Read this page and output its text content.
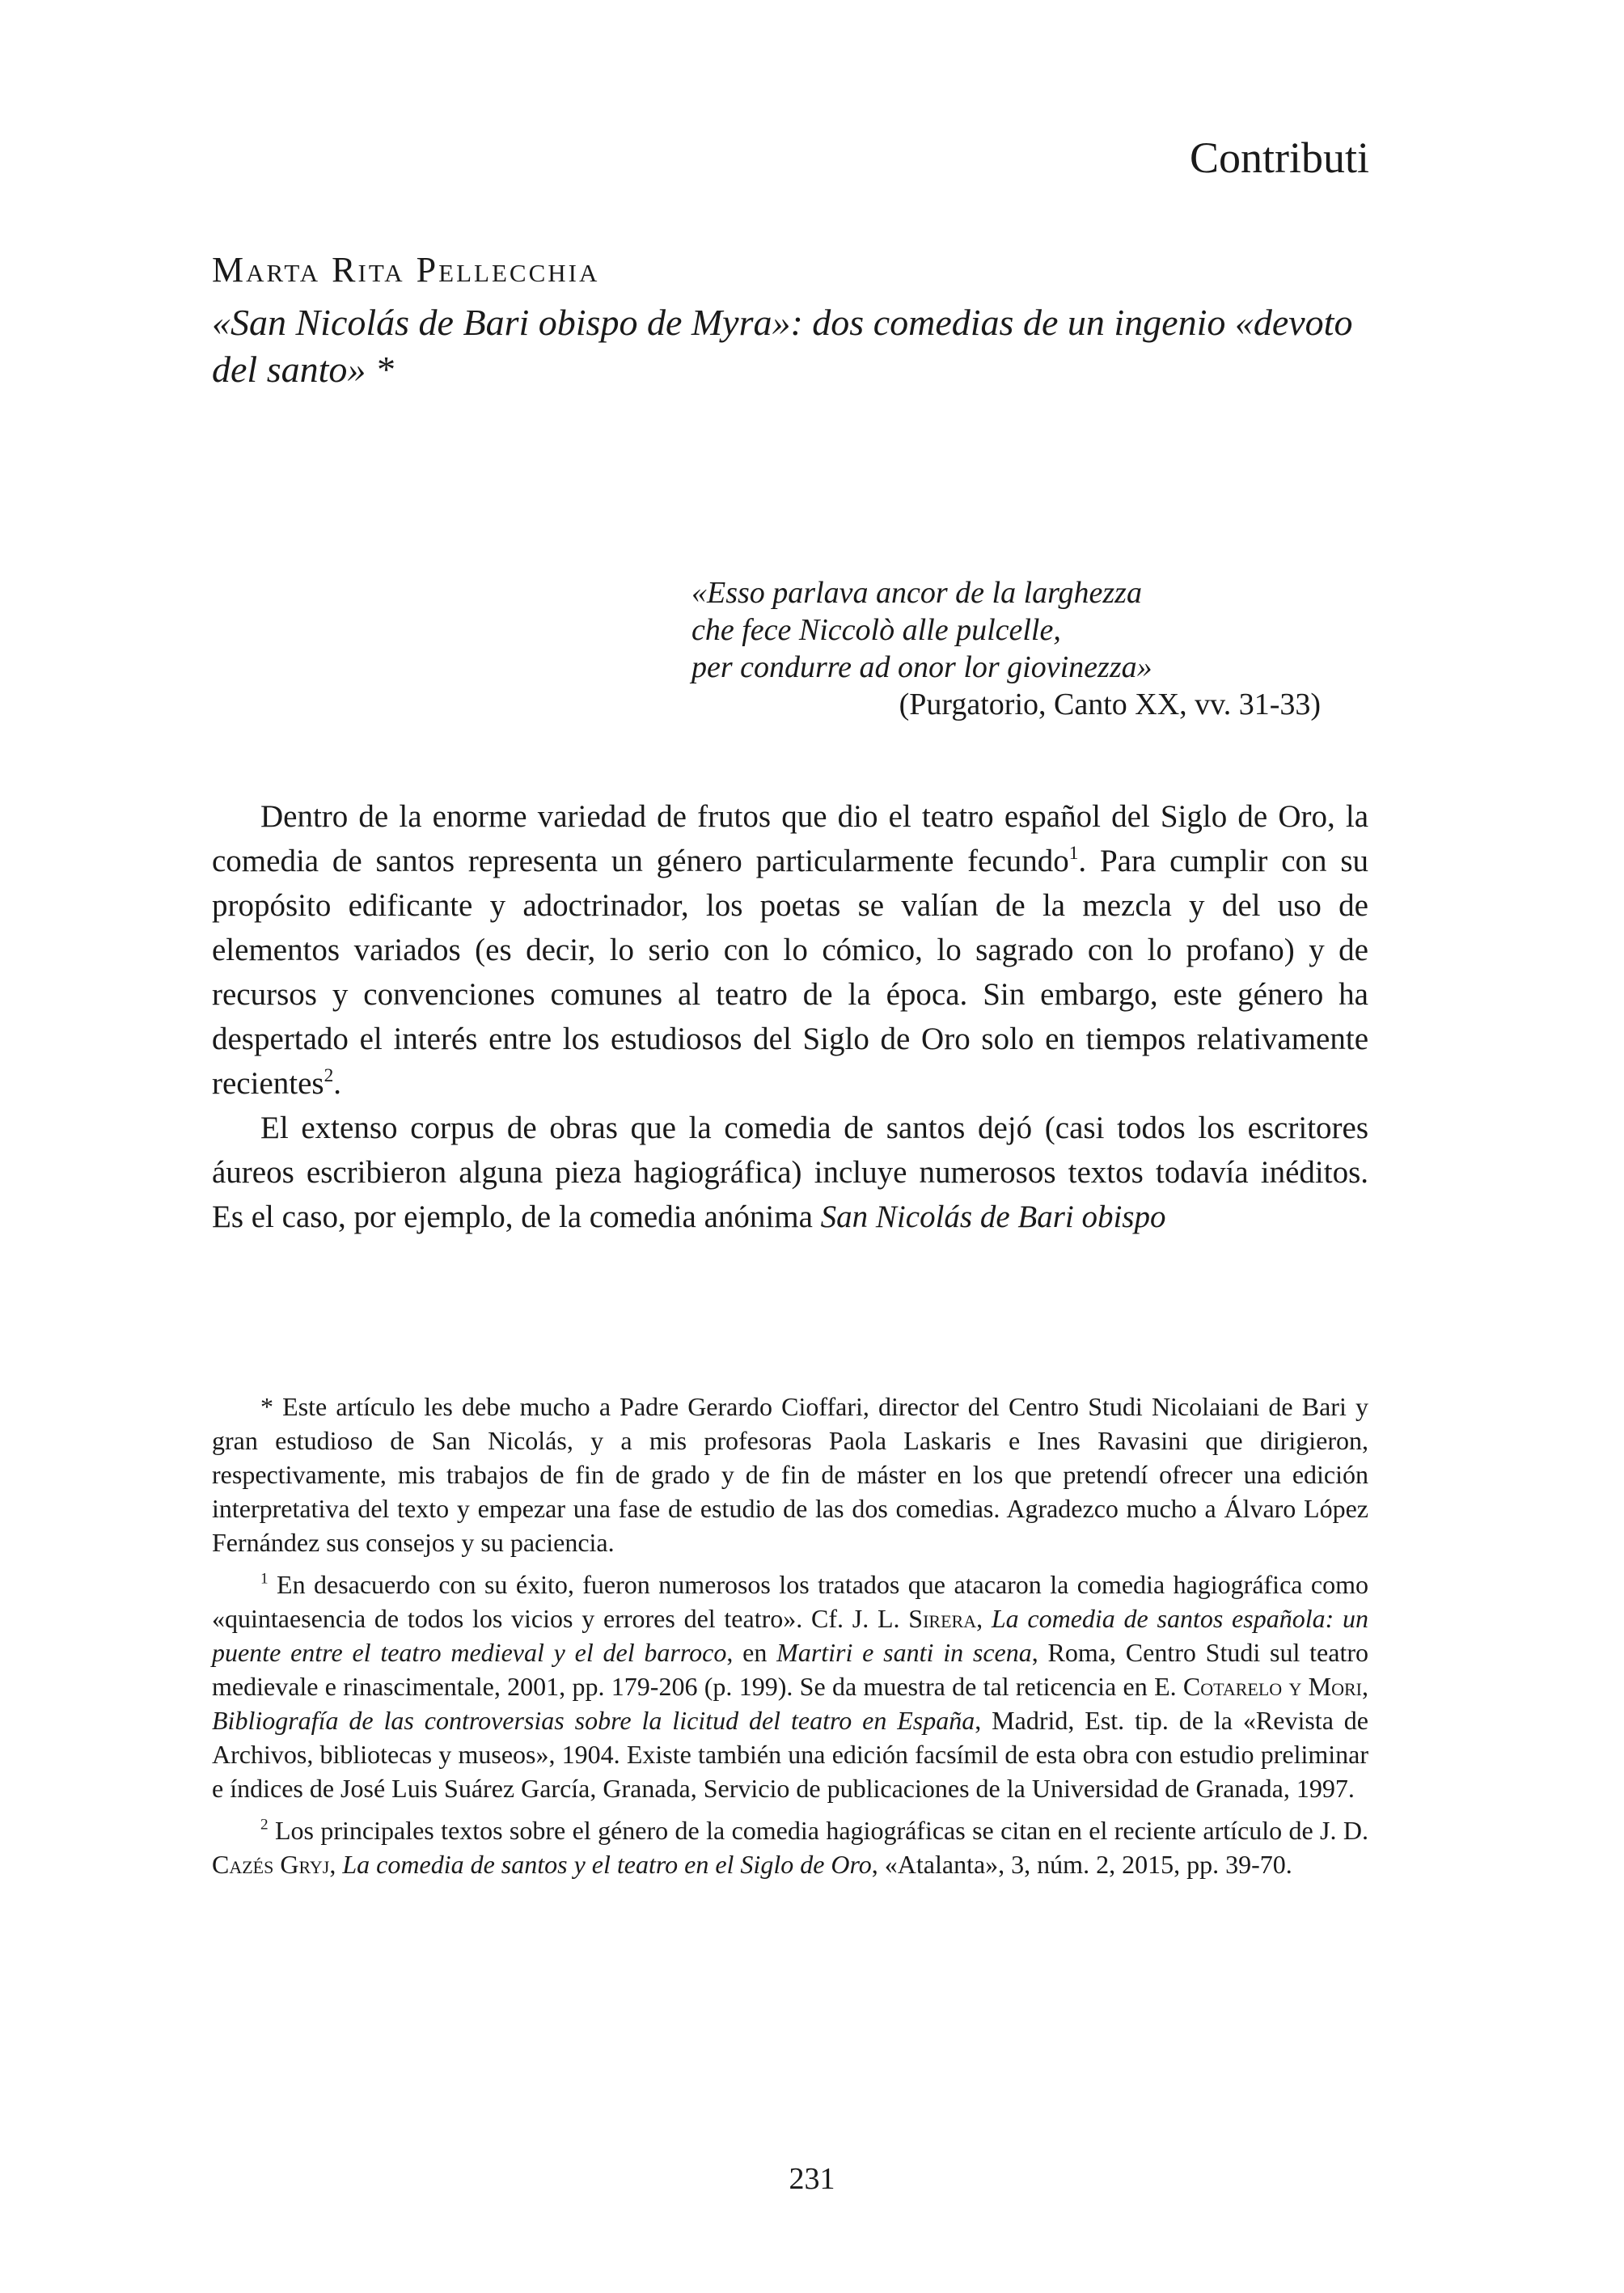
Contributi
Marta Rita Pellecchia
«San Nicolás de Bari obispo de Myra»: dos comedias de un ingenio «devoto del santo» *
«Esso parlava ancor de la larghezza
che fece Niccolò alle pulcelle,
per condurre ad onor lor giovinezza»
(Purgatorio, Canto XX, vv. 31-33)

Dentro de la enorme variedad de frutos que dio el teatro español del Siglo de Oro, la comedia de santos representa un género particularmente fecundo$^1$. Para cumplir con su propósito edificante y adoctrinador, los poetas se valían de la mezcla y del uso de elementos variados (es decir, lo serio con lo cómico, lo sagrado con lo profano) y de recursos y convenciones comunes al teatro de la época. Sin embargo, este género ha despertado el interés entre los estudiosos del Siglo de Oro solo en tiempos relativamente recientes$^2$.

El extenso corpus de obras que la comedia de santos dejó (casi todos los escritores áureos escribieron alguna pieza hagiográfica) incluye numerosos textos todavía inéditos. Es el caso, por ejemplo, de la comedia anónima San Nicolás de Bari obispo

* Este artículo les debe mucho a Padre Gerardo Cioffari, director del Centro Studi Nicolaiani de Bari y gran estudioso de San Nicolás, y a mis profesoras Paola Laskaris e Ines Ravasini que dirigieron, respectivamente, mis trabajos de fin de grado y de fin de máster en los que pretendí ofrecer una edición interpretativa del texto y empezar una fase de estudio de las dos comedias. Agradezco mucho a Álvaro López Fernández sus consejos y su paciencia.

$^1$ En desacuerdo con su éxito, fueron numerosos los tratados que atacaron la comedia hagiográfica como «quintaesencia de todos los vicios y errores del teatro». Cf. J. L. Sirera, La comedia de santos española: un puente entre el teatro medieval y el del barroco, en Martiri e santi in scena, Roma, Centro Studi sul teatro medievale e rinascimentale, 2001, pp. 179-206 (p. 199). Se da muestra de tal reticencia en E. Cotarelo y Mori, Bibliografía de las controversias sobre la licitud del teatro en España, Madrid, Est. tip. de la «Revista de Archivos, bibliotecas y museos», 1904. Existe también una edición facsímil de esta obra con estudio preliminar e índices de José Luis Suárez García, Granada, Servicio de publicaciones de la Universidad de Granada, 1997.

$^2$ Los principales textos sobre el género de la comedia hagiográficas se citan en el reciente artículo de J. D. Cazés Gryj, La comedia de santos y el teatro en el Siglo de Oro, «Atalanta», 3, núm. 2, 2015, pp. 39-70.

231
